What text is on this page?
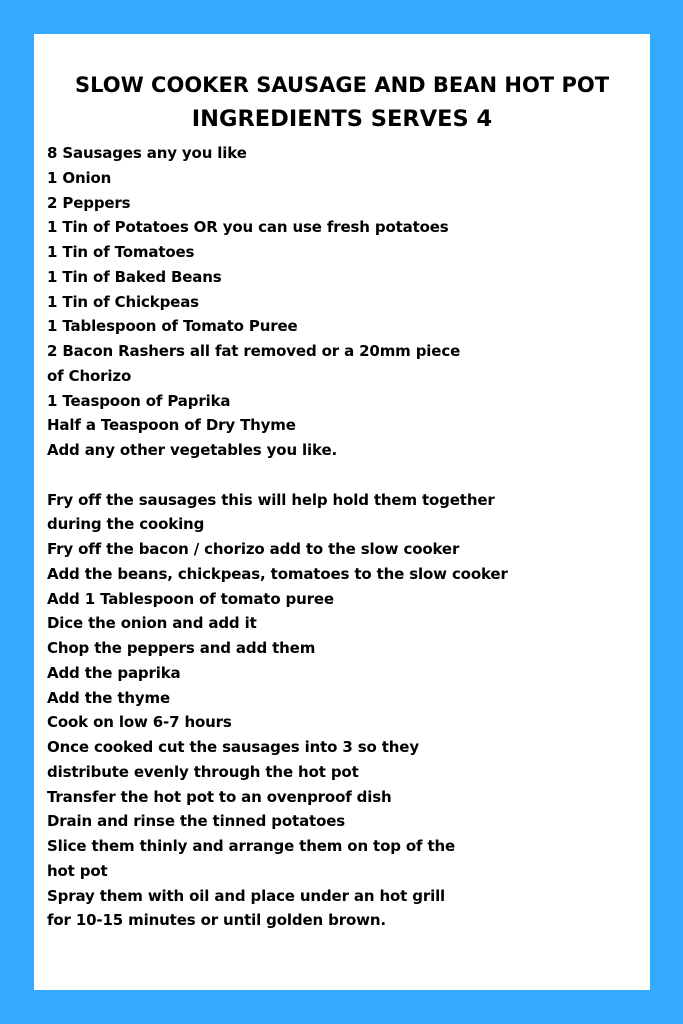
SLOW COOKER SAUSAGE AND BEAN HOT POT
INGREDIENTS SERVES 4
8 Sausages any you like
1 Onion
2 Peppers
1 Tin of Potatoes OR you can use fresh potatoes
1 Tin of Tomatoes
1 Tin of Baked Beans
1 Tin of Chickpeas
1 Tablespoon of Tomato Puree
2 Bacon Rashers all fat removed or a 20mm piece
of Chorizo
1 Teaspoon of Paprika
Half a Teaspoon of Dry Thyme
Add any other vegetables you like.
Fry off the sausages this will help hold them together
during the cooking
Fry off the bacon / chorizo add to the slow cooker
Add the beans, chickpeas, tomatoes to the slow cooker
Add 1 Tablespoon of tomato puree
Dice the onion and add it
Chop the peppers and add them
Add the paprika
Add the thyme
Cook on low 6-7 hours
Once cooked cut the sausages into 3 so they
distribute evenly through the hot pot
Transfer the hot pot to an ovenproof dish
Drain and rinse the tinned potatoes
Slice them thinly and arrange them on top of the
hot pot
Spray them with oil and place under an hot grill
for 10-15 minutes or until golden brown.
